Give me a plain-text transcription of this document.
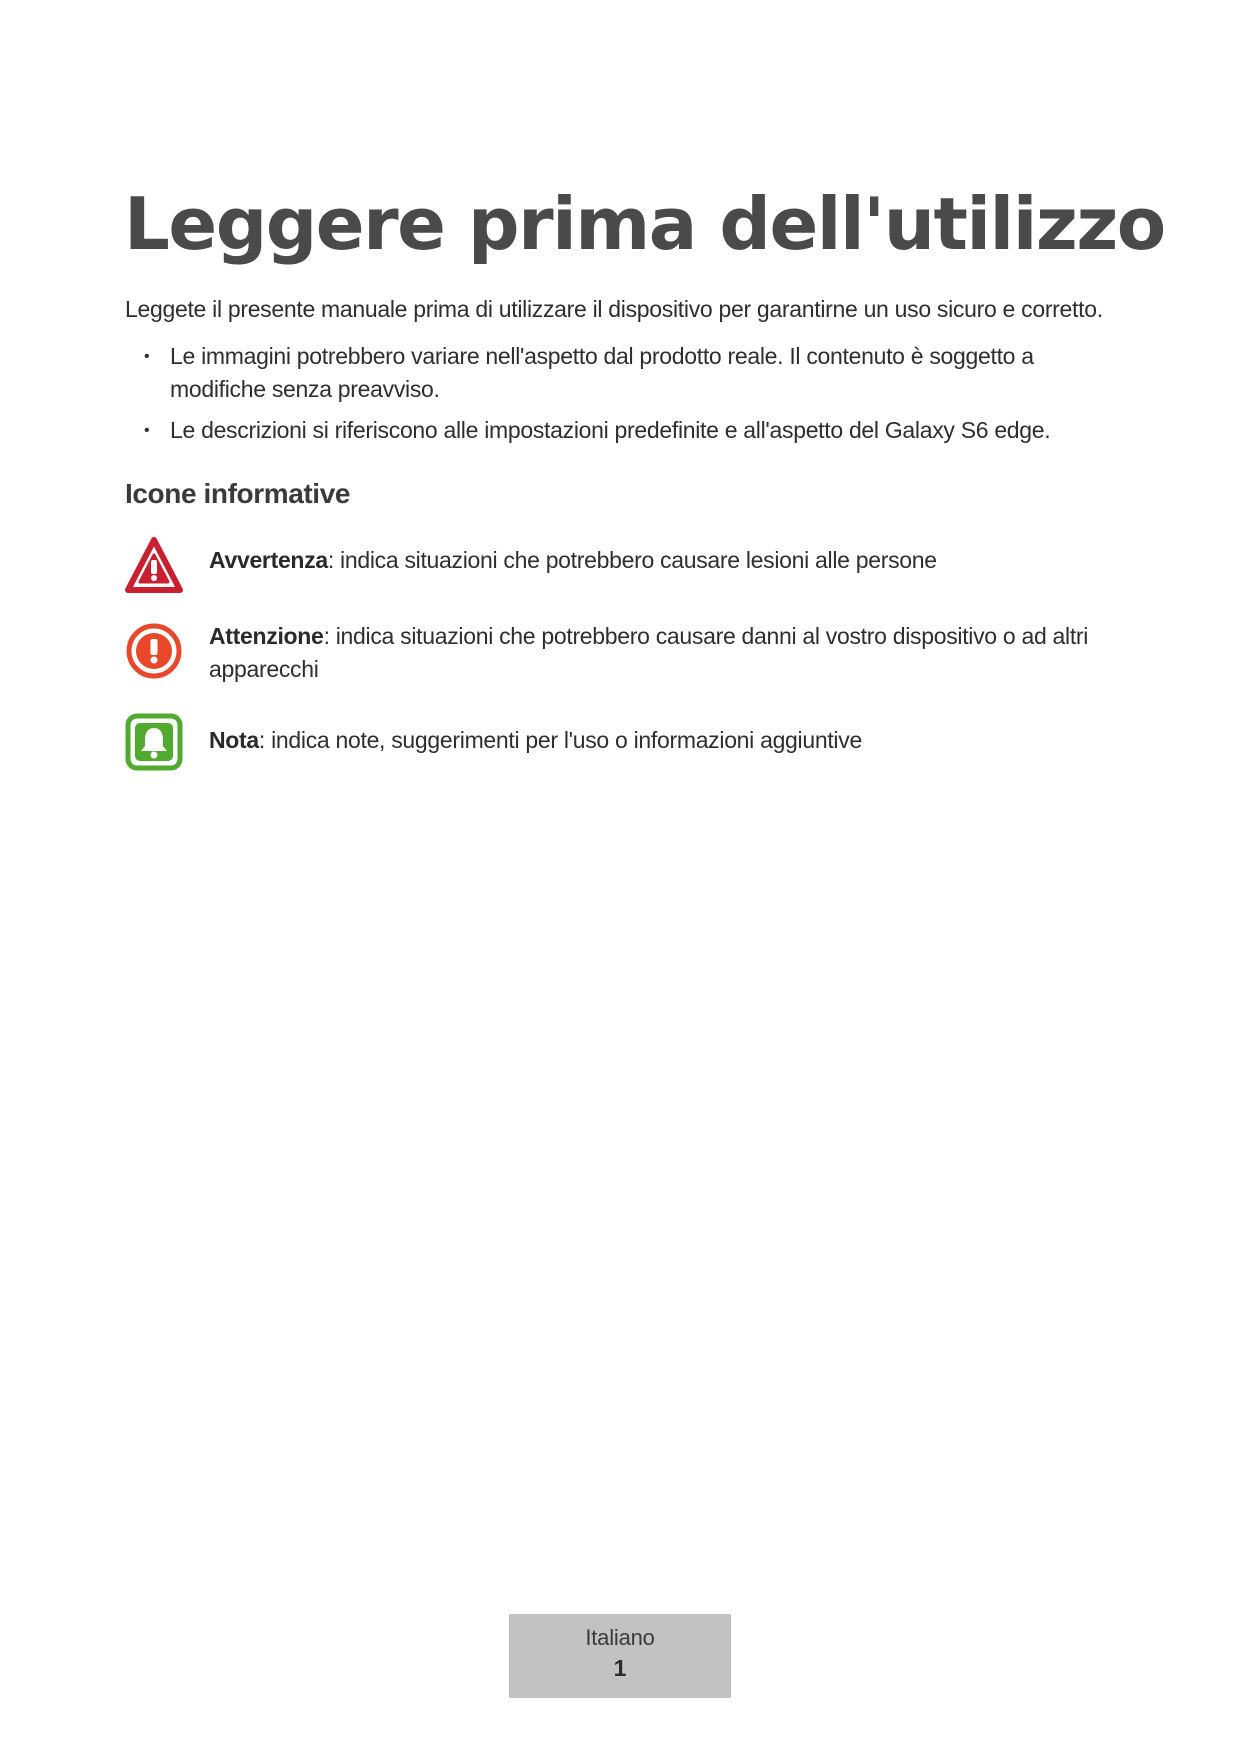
Leggere prima dell'utilizzo

Leggete il presente manuale prima di utilizzare il dispositivo per garantirne un uso sicuro e corretto.

• Le immagini potrebbero variare nell'aspetto dal prodotto reale. Il contenuto è soggetto a modifiche senza preavviso.
• Le descrizioni si riferiscono alle impostazioni predefinite e all'aspetto del Galaxy S6 edge.
Icone informative
Avvertenza: indica situazioni che potrebbero causare lesioni alle persone
Attenzione: indica situazioni che potrebbero causare danni al vostro dispositivo o ad altri apparecchi
Nota: indica note, suggerimenti per l'uso o informazioni aggiuntive
Italiano
1
